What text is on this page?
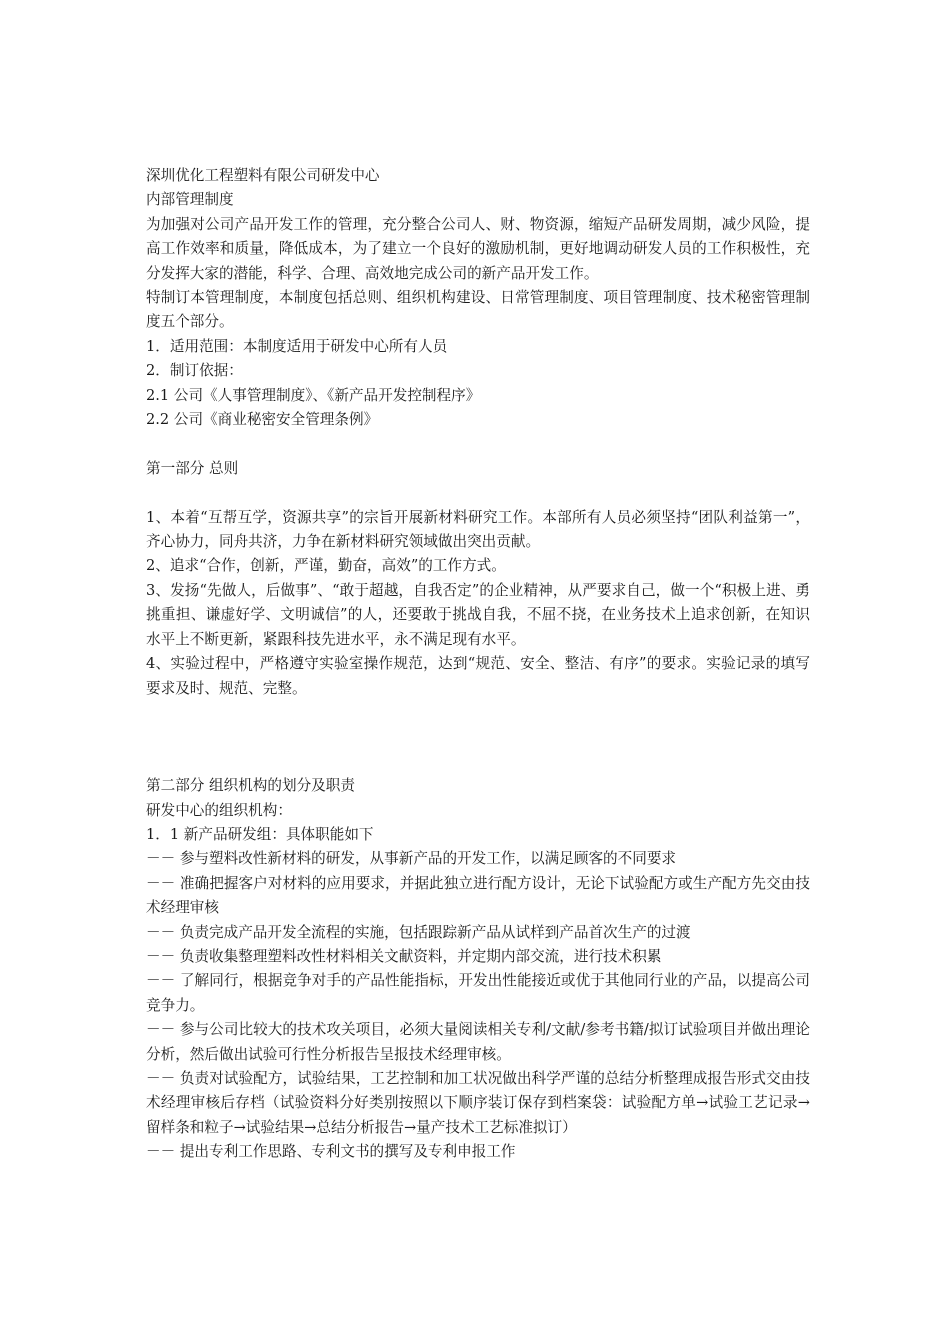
深圳优化工程塑料有限公司研发中心

内部管理制度

为加强对公司产品开发工作的管理，充分整合公司人、财、物资源，缩短产品研发周期，减少风险，提高工作效率和质量，降低成本，为了建立一个良好的激励机制，更好地调动研发人员的工作积极性，充分发挥大家的潜能，科学、合理、高效地完成公司的新产品开发工作。

特制订本管理制度，本制度包括总则、组织机构建设、日常管理制度、项目管理制度、技术秘密管理制度五个部分。

1．适用范围：本制度适用于研发中心所有人员

2．制订依据：

2.1 公司《人事管理制度》、《新产品开发控制程序》

2.2 公司《商业秘密安全管理条例》

第一部分 总则

1、本着“互帮互学，资源共享”的宗旨开展新材料研究工作。本部所有人员必须坚持“团队利益第一”，齐心协力，同舟共济，力争在新材料研究领域做出突出贡献。

2、追求“合作，创新，严谨，勤奋，高效”的工作方式。

3、发扬“先做人，后做事”、“敢于超越，自我否定”的企业精神，从严要求自己，做一个“积极上进、勇挑重担、谦虚好学、文明诚信”的人，还要敢于挑战自我，不屈不挠，在业务技术上追求创新，在知识水平上不断更新，紧跟科技先进水平，永不满足现有水平。

4、实验过程中，严格遵守实验室操作规范，达到“规范、安全、整洁、有序”的要求。实验记录的填写要求及时、规范、完整。

第二部分 组织机构的划分及职责

研发中心的组织机构：

1．1 新产品研发组：具体职能如下

－－ 参与塑料改性新材料的研发，从事新产品的开发工作，以满足顾客的不同要求

－－ 准确把握客户对材料的应用要求，并据此独立进行配方设计，无论下试验配方或生产配方先交由技术经理审核

－－ 负责完成产品开发全流程的实施，包括跟踪新产品从试样到产品首次生产的过渡

－－ 负责收集整理塑料改性材料相关文献资料，并定期内部交流，进行技术积累

－－ 了解同行，根据竞争对手的产品性能指标，开发出性能接近或优于其他同行业的产品，以提高公司竞争力。

－－ 参与公司比较大的技术攻关项目，必须大量阅读相关专利/文献/参考书籍/拟订试验项目并做出理论分析，然后做出试验可行性分析报告呈报技术经理审核。

－－ 负责对试验配方，试验结果，工艺控制和加工状况做出科学严谨的总结分析整理成报告形式交由技术经理审核后存档（试验资料分好类别按照以下顺序装订保存到档案袋：试验配方单→试验工艺记录→留样条和粒子→试验结果→总结分析报告→量产技术工艺标准拟订）

－－ 提出专利工作思路、专利文书的撰写及专利申报工作
